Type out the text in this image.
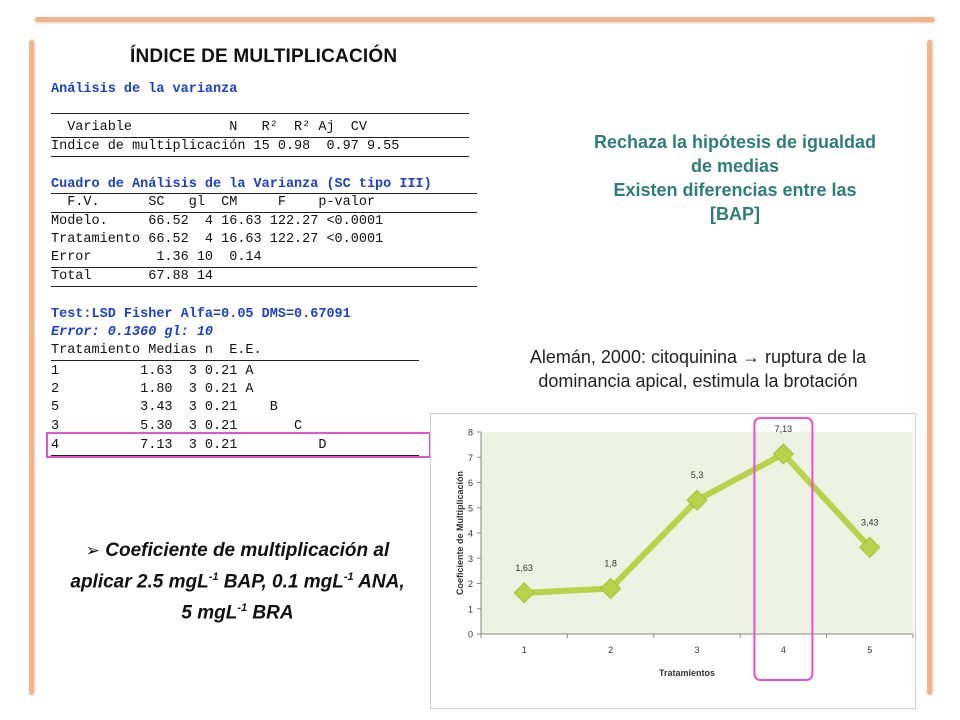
ÍNDICE DE MULTIPLICACIÓN
Análisis de la varianza
Variable            N   R²  R² Aj  CV
Indice de multiplicación 15 0.98  0.97 9.55
Cuadro de Análisis de la Varianza (SC tipo III)
F.V.      SC   gl  CM     F    p-valor
Modelo.     66.52  4 16.63 122.27 <0.0001
Tratamiento 66.52  4 16.63 122.27 <0.0001
Error        1.36 10  0.14
Total       67.88 14
Test:LSD Fisher Alfa=0.05 DMS=0.67091
Error: 0.1360 gl: 10
Tratamiento Medias n  E.E.
1          1.63  3 0.21 A
2          1.80  3 0.21 A
5          3.43  3 0.21    B
3          5.30  3 0.21       C
4          7.13  3 0.21          D
Rechaza la hipótesis de igualdad
de medias
Existen diferencias entre las
[BAP]
Alemán, 2000: citoquinina → ruptura de la
dominancia apical, estimula la brotación
➢ Coeficiente de multiplicación al
aplicar 2.5 mgL$^{-1}$ BAP, 0.1 mgL$^{-1}$ ANA,
5 mgL$^{-1}$ BRA
0
1
2
3
4
5
6
7
8
1	2	3	4	5
1,63	1,8
5,3
7,13
3,43
Tratamientos
Coeficiente de Multiplicación
